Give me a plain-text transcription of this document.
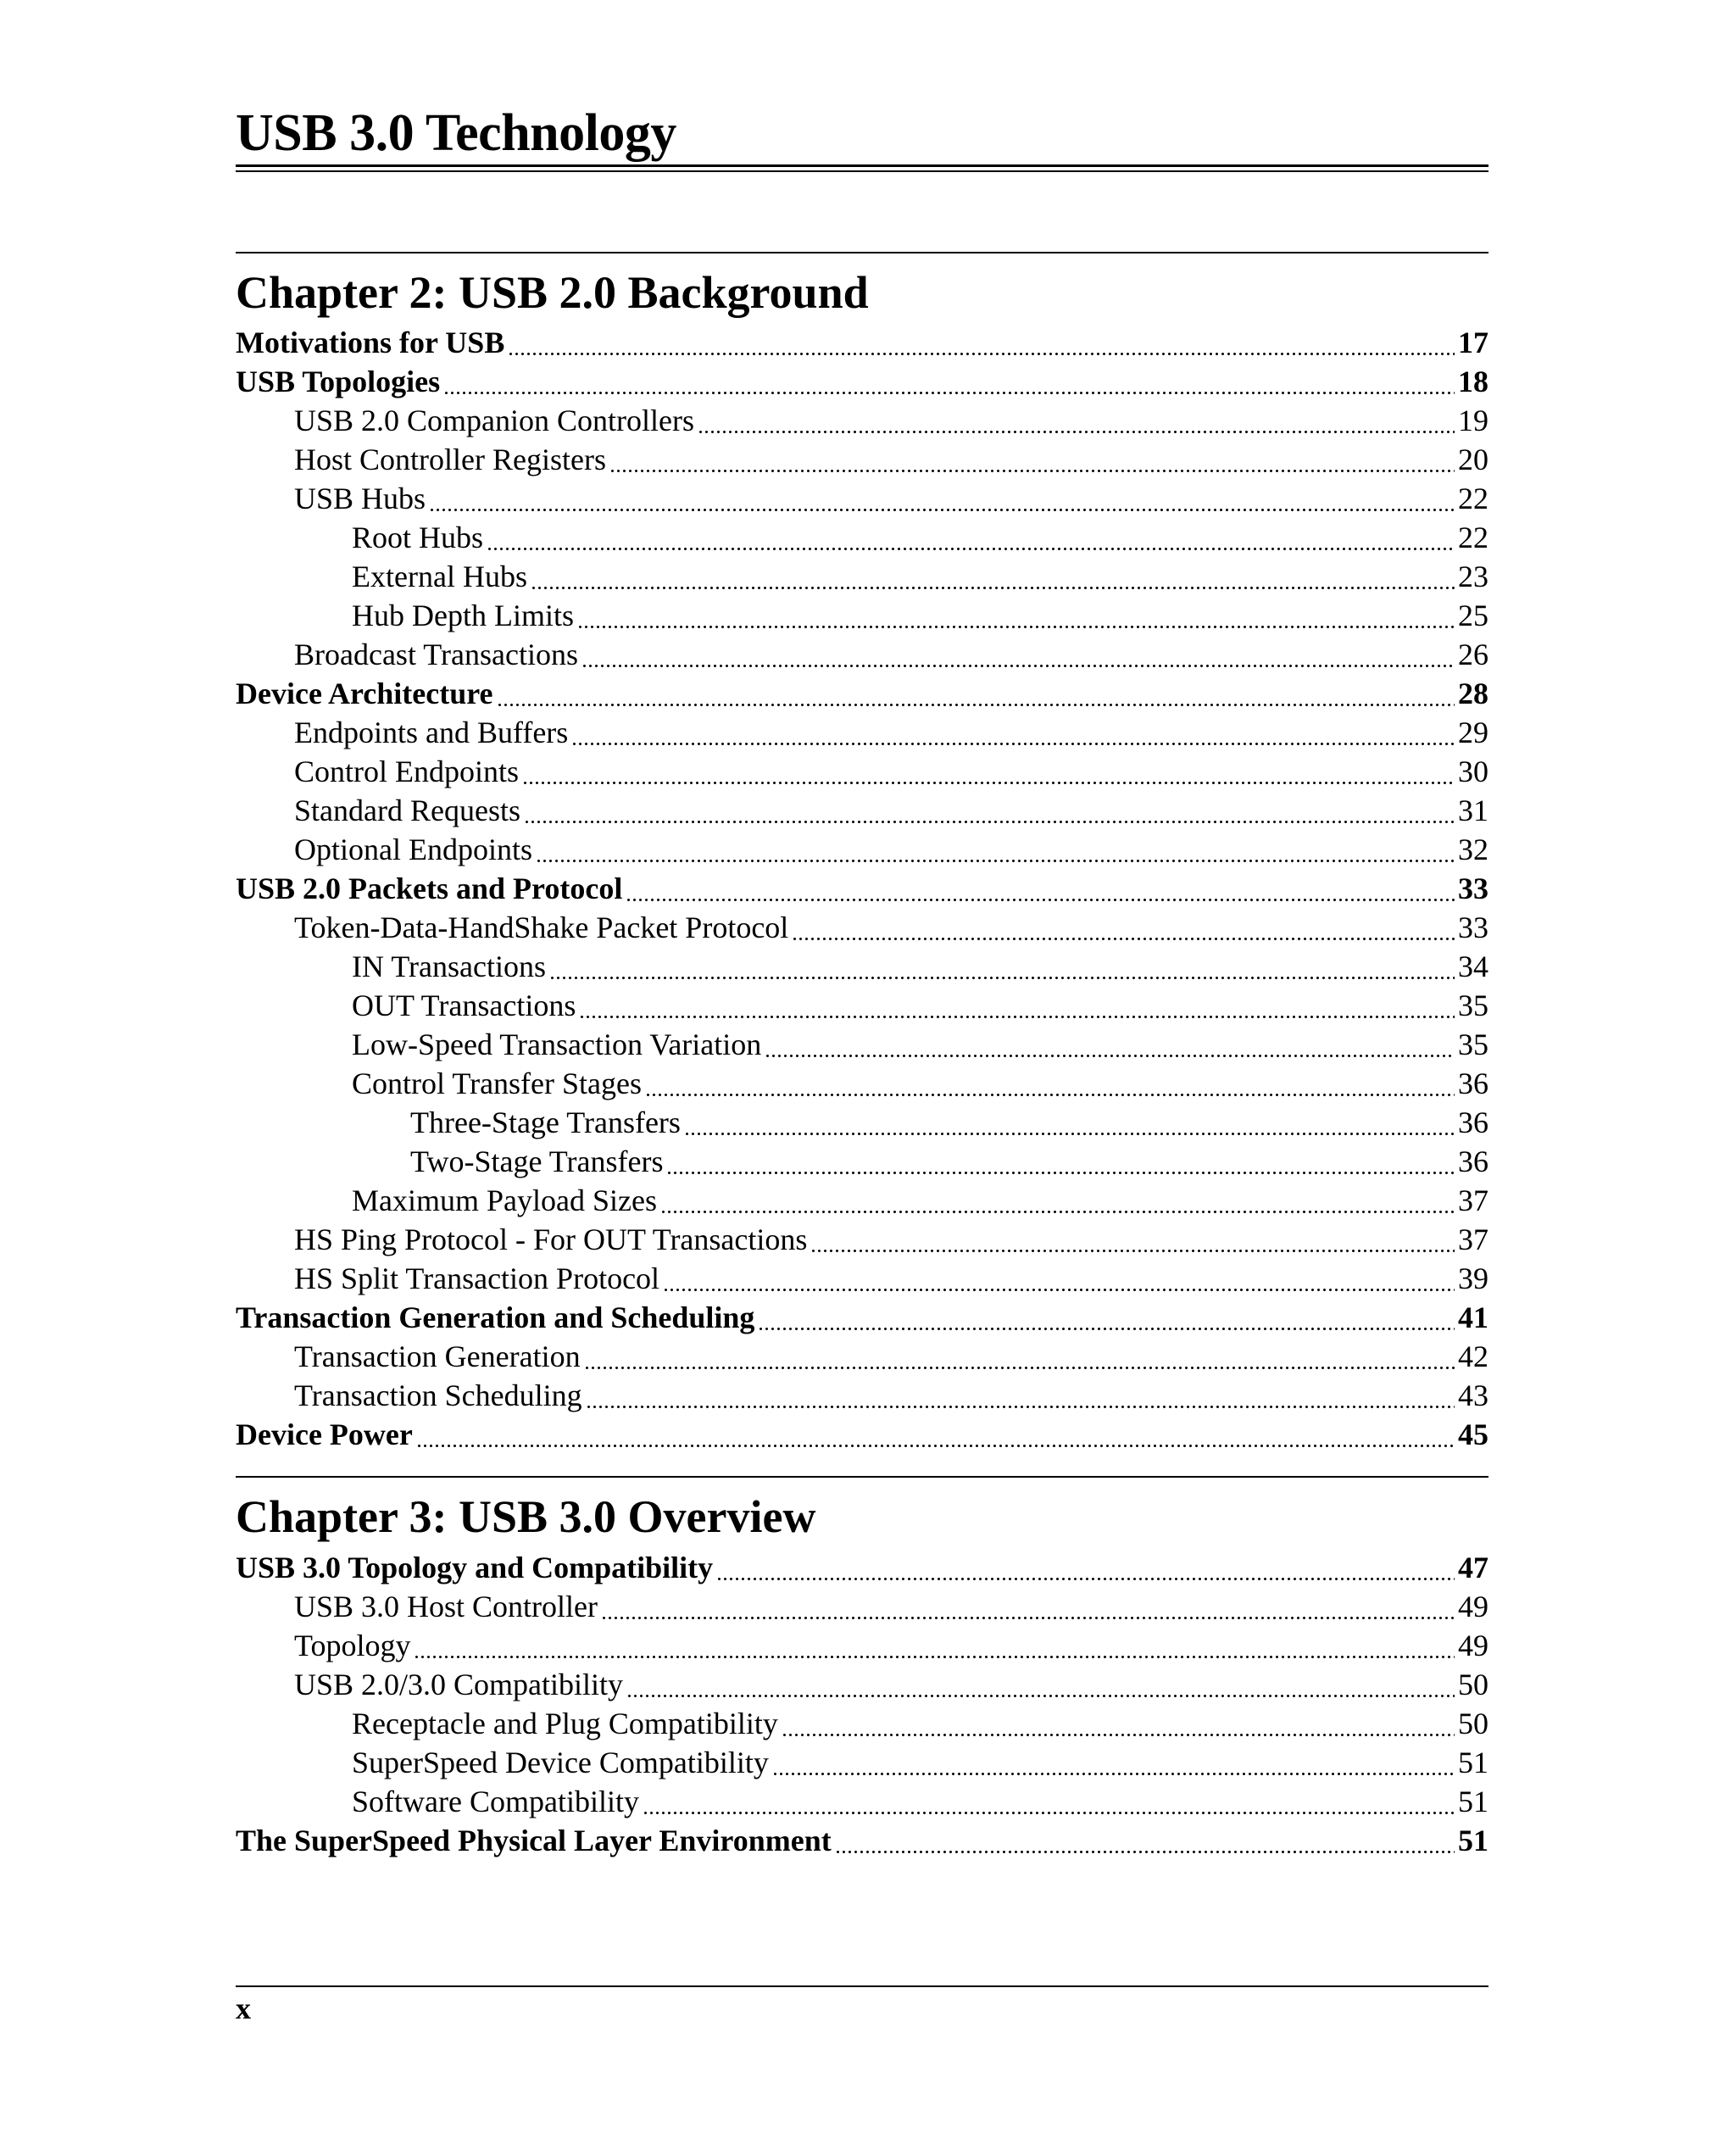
USB 3.0 Technology
Chapter 2: USB 2.0 Background
Motivations for USB	17
USB Topologies	18
USB 2.0 Companion Controllers	19
Host Controller Registers	20
USB Hubs	22
Root Hubs	22
External Hubs	23
Hub Depth Limits	25
Broadcast Transactions	26
Device Architecture	28
Endpoints and Buffers	29
Control Endpoints	30
Standard Requests	31
Optional Endpoints	32
USB 2.0 Packets and Protocol	33
Token-Data-HandShake Packet Protocol	33
IN Transactions	34
OUT Transactions	35
Low-Speed Transaction Variation	35
Control Transfer Stages	36
Three-Stage Transfers	36
Two-Stage Transfers	36
Maximum Payload Sizes	37
HS Ping Protocol - For OUT Transactions	37
HS Split Transaction Protocol	39
Transaction Generation and Scheduling	41
Transaction Generation	42
Transaction Scheduling	43
Device Power	45
Chapter 3: USB 3.0 Overview
USB 3.0 Topology and Compatibility	47
USB 3.0 Host Controller	49
Topology	49
USB 2.0/3.0 Compatibility	50
Receptacle and Plug Compatibility	50
SuperSpeed Device Compatibility	51
Software Compatibility	51
The SuperSpeed Physical Layer Environment	51
x
